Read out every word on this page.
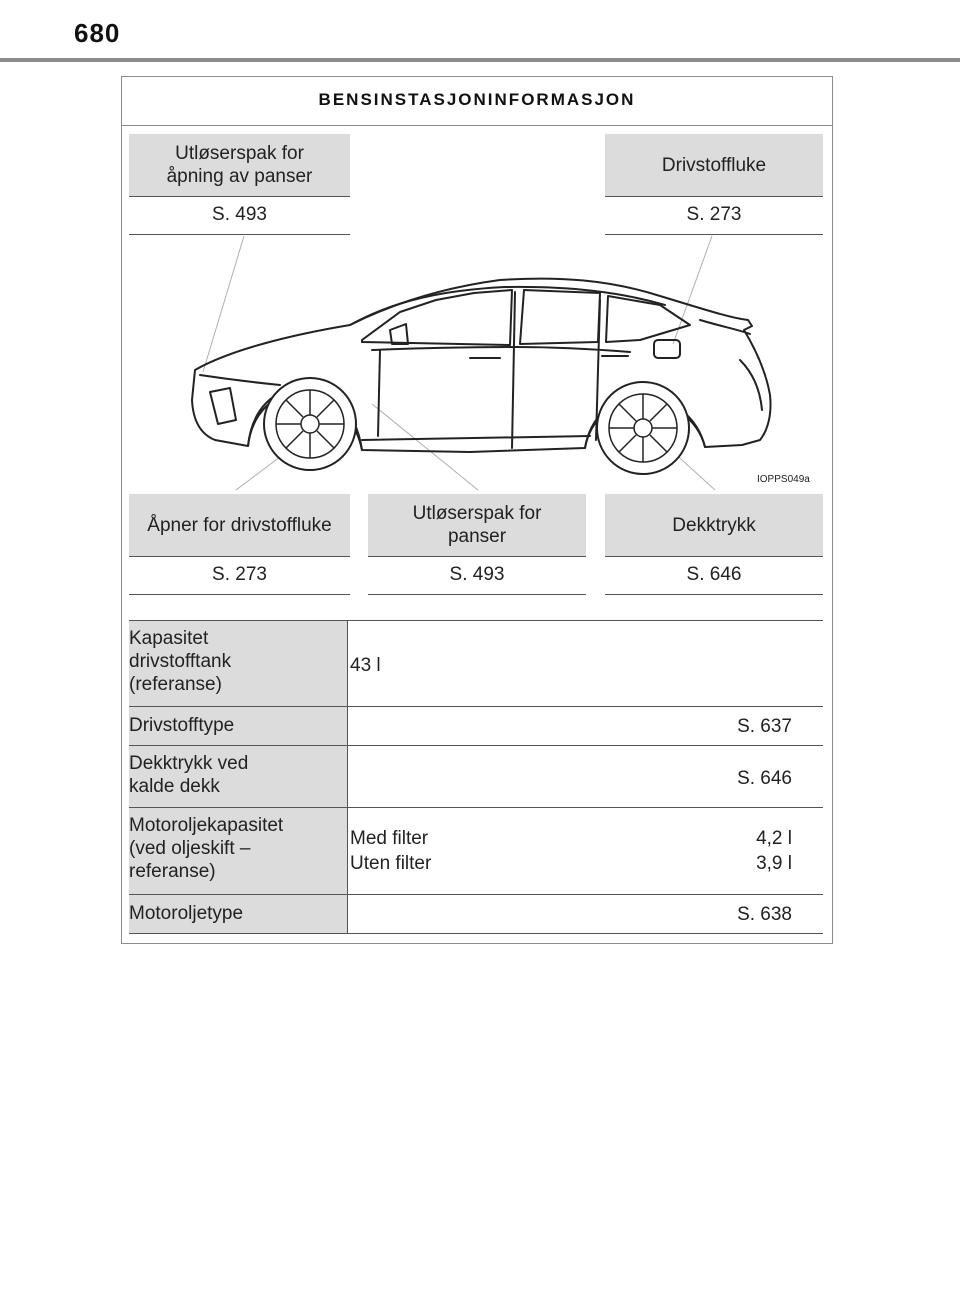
680
BENSINSTASJONINFORMASJON
Utløserspak for
åpning av panser
S. 493
Drivstoffluke
S. 273
IOPPS049a
Åpner for drivstoffluke
S. 273
Utløserspak for
panser
S. 493
Dekktrykk
S. 646
Kapasitet
drivstofftank
(referanse)
43 l
Drivstofftype	S. 637
Dekktrykk ved
kalde dekk	S. 646
Motoroljekapasitet
(ved oljeskift –
referanse)
Med filter	4,2 l
Uten filter	3,9 l
Motoroljetype	S. 638
